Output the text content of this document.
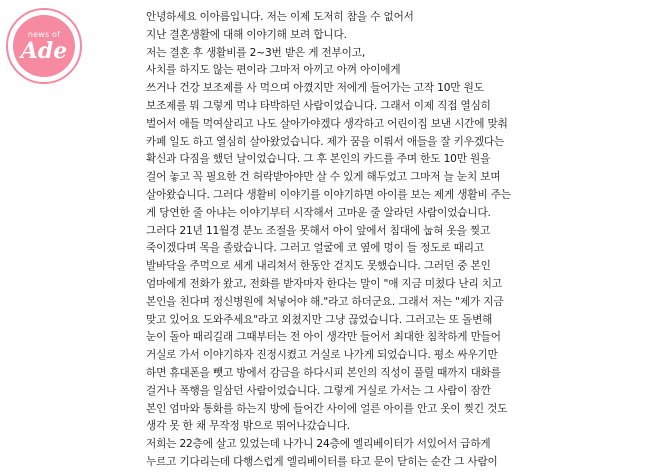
news of
Ade
안녕하세요 이아름입니다. 저는 이제 도저히 참을 수 없어서
지난 결혼생활에 대해 이야기해 보려 합니다.
저는 결혼 후 생활비를 2~3번 받은 게 전부이고,
사치를 하지도 않는 편이라 그마저 아끼고 아껴 아이에게
쓰거나 건강 보조제를 사 먹으며 아꼈지만 저에게 들어가는 고작 10만 원도
보조제를 뭐 그렇게 먹냐 타박하던 사람이었습니다. 그래서 이제 직접 열심히
벌어서 애들 먹여살리고 나도 살아가야겠다 생각하고 어린이집 보낸 시간에 맞춰
카페 일도 하고 열심히 살아왔었습니다. 제가 꿈을 이뤄서 애들을 잘 키우겠다는
확신과 다짐을 했던 날이었습니다. 그 후 본인의 카드를 주며 한도 10만 원을
걸어 놓고 꼭 필요한 건 허락받아야만 살 수 있게 해두었고 그마저 늘 눈치 보며
살아왔습니다. 그러다 생활비 이야기를 이야기하면 아이를 보는 제게 생활비 주는
게 당연한 줄 아냐는 이야기부터 시작해서 고마운 줄 알라던 사람이었습니다.
그러다 21년 11월경 분노 조절을 못해서 아이 앞에서 침대에 눕혀 옷을 찢고
죽이겠다며 목을 졸랐습니다. 그러고 얼굴에 코 옆에 멍이 들 정도로 때리고
발바닥을 주먹으로 세게 내리쳐서 한동안 걷지도 못했습니다. 그러던 중 본인
엄마에게 전화가 왔고, 전화를 받자마자 한다는 말이 "애 지금 미쳤다 난리 치고
본인을 친다며 정신병원에 처넣어야 해."라고 하더군요. 그래서 저는 "제가 지금
맞고 있어요 도와주세요"라고 외쳤지만 그냥 끊었습니다. 그러고는 또 돌변해
눈이 돌아 때리길래 그때부터는 전 아이 생각만 들어서 최대한 침착하게 만들어
거실로 가서 이야기하자 진정시켰고 거실로 나가게 되었습니다. 평소 싸우기만
하면 휴대폰을 뺏고 방에서 감금을 하다시피 본인의 직성이 풀릴 때까지 대화를
걸거나 폭행을 일삼던 사람이었습니다. 그렇게 거실로 가서는 그 사람이 잠깐
본인 엄마와 통화를 하는지 방에 들어간 사이에 얼른 아이를 안고 옷이 찢긴 것도
생각 못 한 채 무작정 밖으로 뛰어나갔습니다.
저희는 22층에 살고 있었는데 나가니 24층에 엘리베이터가 서있어서 급하게
누르고 기다리는데 다행스럽게 엘리베이터를 타고 문이 닫히는 순간 그 사람이
